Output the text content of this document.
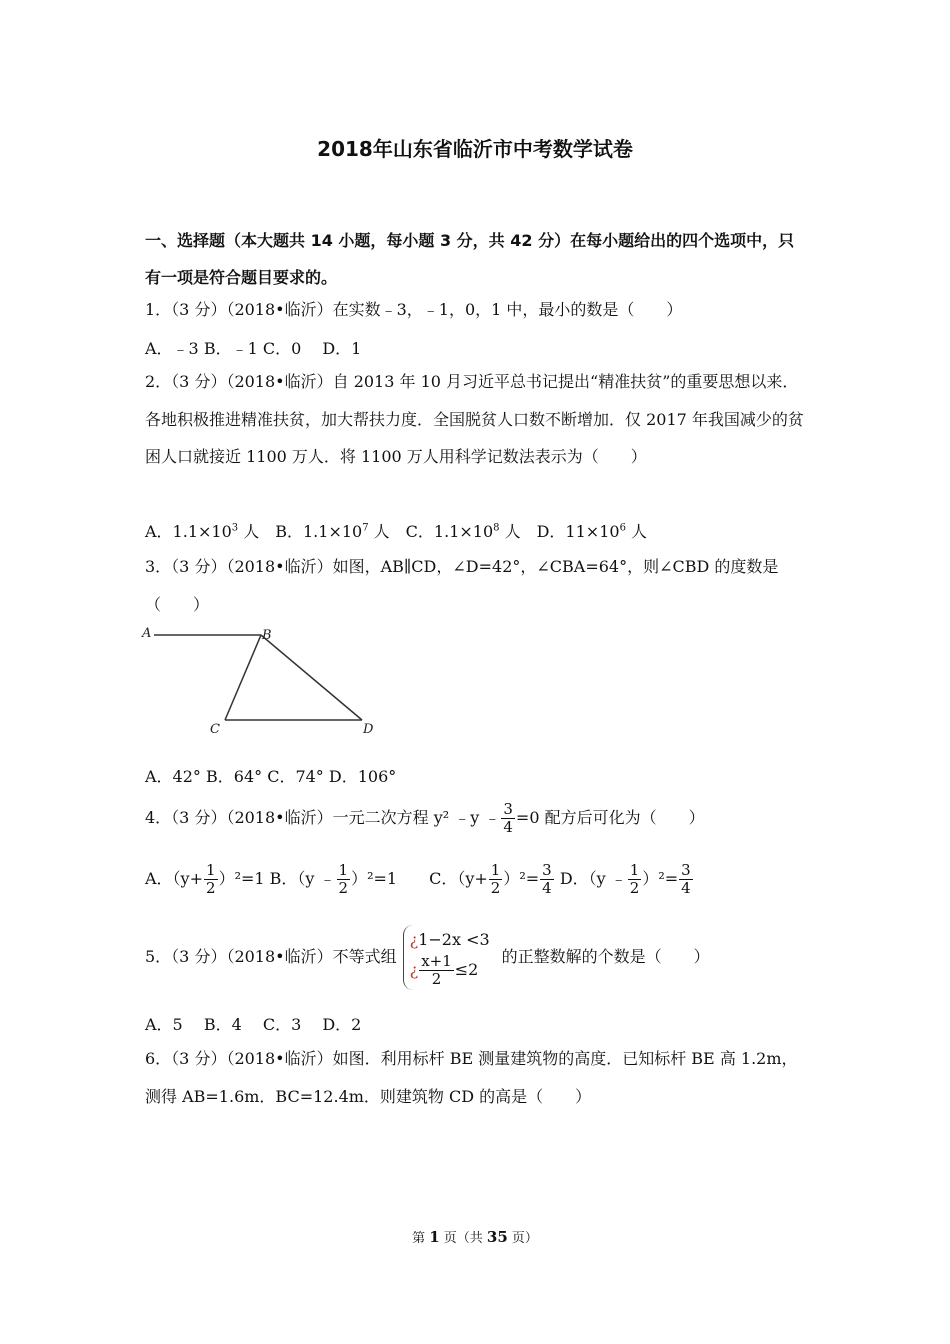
2018年山东省临沂市中考数学试卷
一、选择题（本大题共 14 小题，每小题 3 分，共 42 分）在每小题给出的四个选项中，只有一项是符合题目要求的。
1．（3 分）（2018•临沂）在实数﹣3，﹣1，0，1 中，最小的数是（　　）
A．﹣3 B．﹣1 C．0　 D．1
2．（3 分）（2018•临沂）自 2013 年 10 月习近平总书记提出“精准扶贫”的重要思想以来．各地积极推进精准扶贫，加大帮扶力度．全国脱贫人口数不断增加．仅 2017 年我国减少的贫困人口就接近 1100 万人．将 1100 万人用科学记数法表示为（　　）
A．$1.1\times 10^3$ 人　B．$1.1\times 10^7$ 人　C．$1.1\times 10^8$ 人　D．$11\times 10^6$ 人
3．（3 分）（2018•临沂）如图，AB∥CD，∠D=42°，∠CBA=64°，则∠CBD 的度数是（　　）
A	B
C	D
A．42° B．64° C．74° D．106°
4．（3 分）（2018•临沂）一元二次方程 y² ﹣y ﹣ $\frac{3}{4} =0$ 配方后可化为（　　）
A．$(y+ \frac{1}{2} )^2=1$ B．（y ﹣ $\frac{1}{2} )^2=1$　　C．$(y+ \frac{1}{2} )^2= \frac{3}{4}$ D．（y ﹣ $\frac{1}{2} )^2= \frac{3}{4}$
5．（3 分）（2018•临沂）不等式组
¿1−2x <3
¿ $\frac{x+1}{2} \le 2$
的正整数解的个数是（　　）
A．5　 B．4　 C．3　 D．2
6．（3 分）（2018•临沂）如图．利用标杆 BE 测量建筑物的高度．已知标杆 BE 高 1.2m，测得 AB=1.6m．BC=12.4m．则建筑物 CD 的高是（　　）
第 1 页（共 35 页）
